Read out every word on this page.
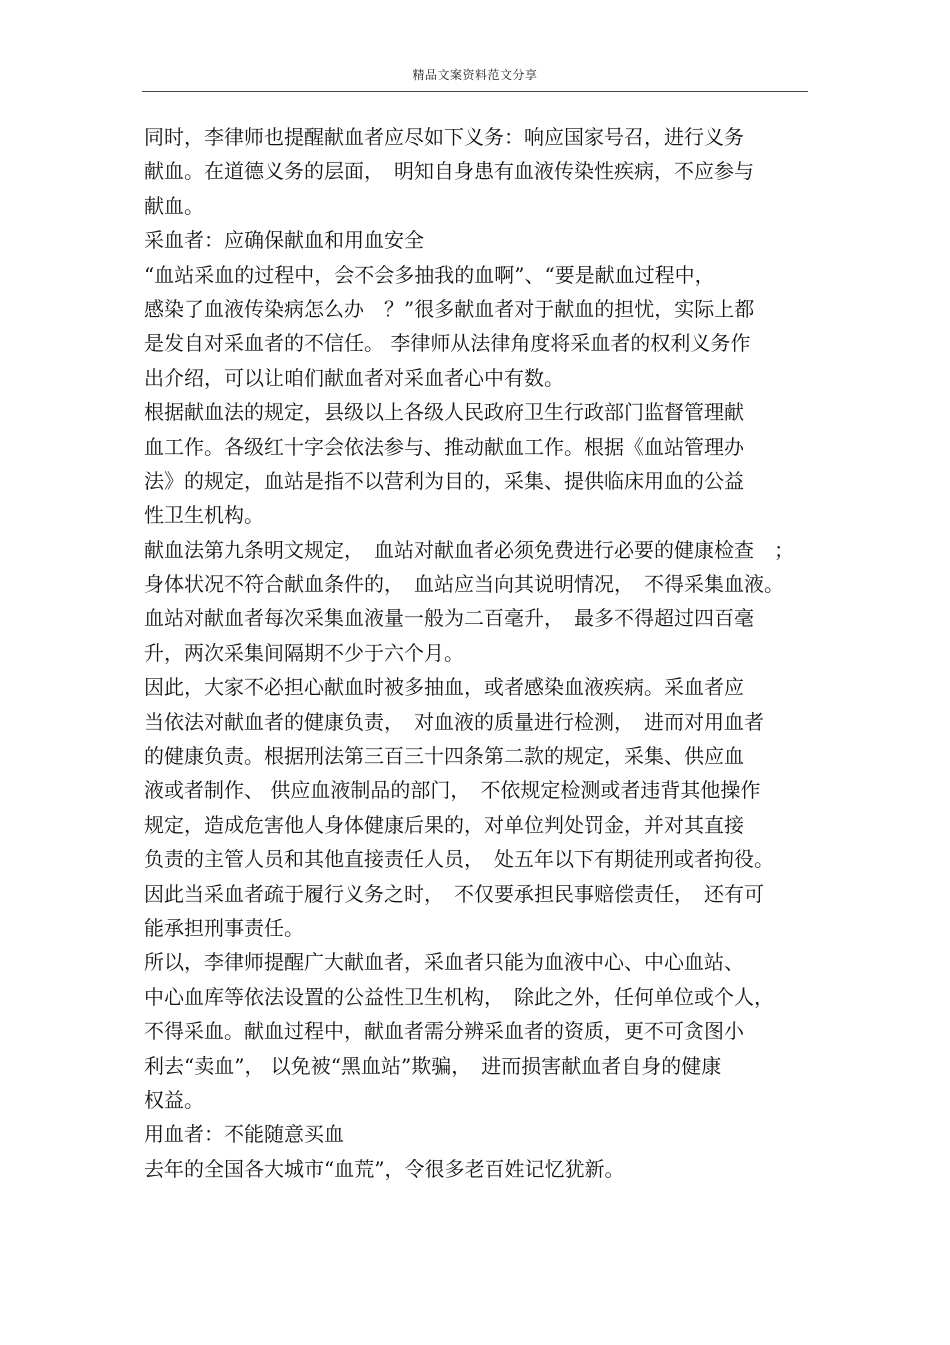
精品文案资料范文分享
同时，李律师也提醒献血者应尽如下义务：响应国家号召，进行义务
献血。在道德义务的层面，　明知自身患有血液传染性疾病，不应参与
献血。
采血者：应确保献血和用血安全
“血站采血的过程中，会不会多抽我的血啊”、“要是献血过程中，
感染了血液传染病怎么办　？”很多献血者对于献血的担忧，实际上都
是发自对采血者的不信任。 李律师从法律角度将采血者的权利义务作
出介绍，可以让咱们献血者对采血者心中有数。
根据献血法的规定，县级以上各级人民政府卫生行政部门监督管理献
血工作。各级红十字会依法参与、推动献血工作。根据《血站管理办
法》的规定，血站是指不以营利为目的，采集、提供临床用血的公益
性卫生机构。
献血法第九条明文规定，　血站对献血者必须免费进行必要的健康检查　；
身体状况不符合献血条件的，　血站应当向其说明情况，　不得采集血液。
血站对献血者每次采集血液量一般为二百毫升，　最多不得超过四百毫
升，两次采集间隔期不少于六个月。
因此，大家不必担心献血时被多抽血，或者感染血液疾病。采血者应
当依法对献血者的健康负责，　对血液的质量进行检测，　进而对用血者
的健康负责。根据刑法第三百三十四条第二款的规定，采集、供应血
液或者制作、 供应血液制品的部门，　不依规定检测或者违背其他操作
规定，造成危害他人身体健康后果的，对单位判处罚金，并对其直接
负责的主管人员和其他直接责任人员，　处五年以下有期徒刑或者拘役。
因此当采血者疏于履行义务之时，　不仅要承担民事赔偿责任，　还有可
能承担刑事责任。
所以，李律师提醒广大献血者，采血者只能为血液中心、中心血站、
中心血库等依法设置的公益性卫生机构，　除此之外，任何单位或个人，
不得采血。献血过程中，献血者需分辨采血者的资质，更不可贪图小
利去“卖血”， 以免被“黑血站”欺骗，　进而损害献血者自身的健康
权益。
用血者：不能随意买血
去年的全国各大城市“血荒”，令很多老百姓记忆犹新。
